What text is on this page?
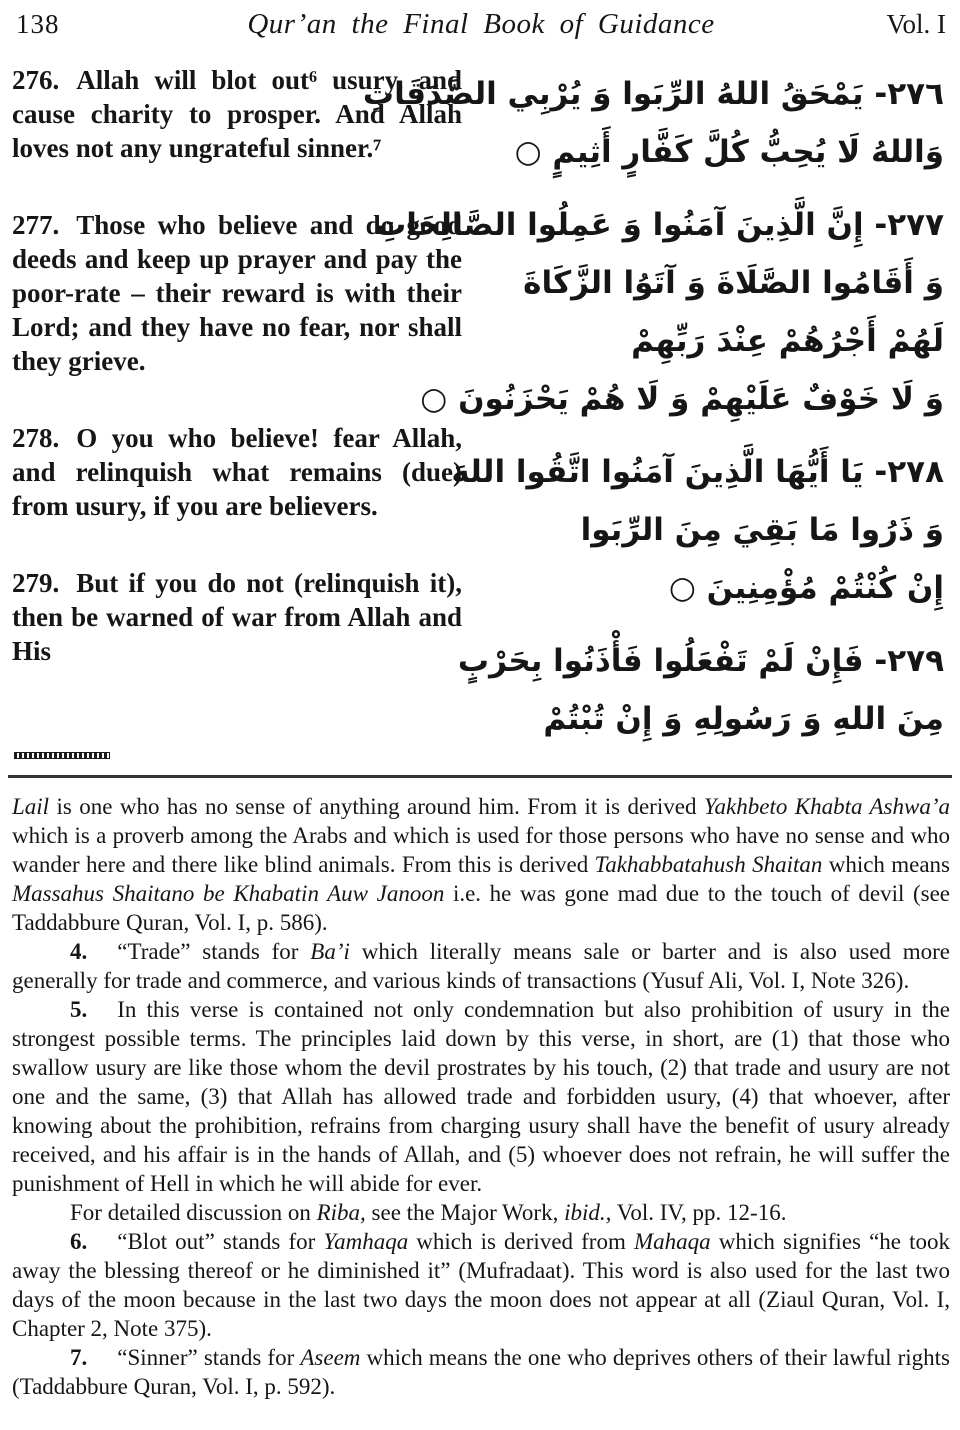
138	Qur’an the Final Book of Guidance	Vol. I

276. Allah will blot out⁶ usury, and cause charity to prosper. And Allah loves not any ungrateful sinner.⁷

277. Those who believe and do good deeds and keep up prayer and pay the poor-rate – their reward is with their Lord; and they have no fear, nor shall they grieve.

278. O you who believe! fear Allah, and relinquish what remains (due) from usury, if you are believers.

279. But if you do not (relinquish it), then be warned of war from Allah and His

٢٧٦- يَمْحَقُ اللهُ الرِّبَوا وَ يُرْبِي الصَّدَقَاتِ

وَاللهُ لَا يُحِبُّ كُلَّ كَفَّارٍ أَثِيمٍ ○

٢٧٧- إِنَّ الَّذِينَ آمَنُوا وَ عَمِلُوا الصَّالِحَاتِ

وَ أَقَامُوا الصَّلَاةَ وَ آتَوُا الزَّكَاةَ

لَهُمْ أَجْرُهُمْ عِنْدَ رَبِّهِمْ

وَ لَا خَوْفٌ عَلَيْهِمْ وَ لَا هُمْ يَحْزَنُونَ ○

٢٧٨- يَا أَيُّهَا الَّذِينَ آمَنُوا اتَّقُوا اللهَ

وَ ذَرُوا مَا بَقِيَ مِنَ الرِّبَوا

إِنْ كُنْتُمْ مُؤْمِنِينَ ○

٢٧٩- فَإِنْ لَمْ تَفْعَلُوا فَأْذَنُوا بِحَرْبٍ

مِنَ اللهِ وَ رَسُولِهِ وَ إِنْ تُبْتُمْ

Lail is one who has no sense of anything around him. From it is derived Yakhbeto Khabta Ashwa’a which is a proverb among the Arabs and which is used for those persons who have no sense and who wander here and there like blind animals. From this is derived Takhabbatahush Shaitan which means Massahus Shaitano be Khabatin Auw Janoon i.e. he was gone mad due to the touch of devil (see Taddabbure Quran, Vol. I, p. 586).

4. “Trade” stands for Ba’i which literally means sale or barter and is also used more generally for trade and commerce, and various kinds of transactions (Yusuf Ali, Vol. I, Note 326).

5. In this verse is contained not only condemnation but also prohibition of usury in the strongest possible terms. The principles laid down by this verse, in short, are (1) that those who swallow usury are like those whom the devil prostrates by his touch, (2) that trade and usury are not one and the same, (3) that Allah has allowed trade and forbidden usury, (4) that whoever, after knowing about the prohibition, refrains from charging usury shall have the benefit of usury already received, and his affair is in the hands of Allah, and (5) whoever does not refrain, he will suffer the punishment of Hell in which he will abide for ever.

For detailed discussion on Riba, see the Major Work, ibid., Vol. IV, pp. 12-16.

6. “Blot out” stands for Yamhaqa which is derived from Mahaqa which signifies “he took away the blessing thereof or he diminished it” (Mufradaat). This word is also used for the last two days of the moon because in the last two days the moon does not appear at all (Ziaul Quran, Vol. I, Chapter 2, Note 375).

7. “Sinner” stands for Aseem which means the one who deprives others of their lawful rights (Taddabbure Quran, Vol. I, p. 592).
